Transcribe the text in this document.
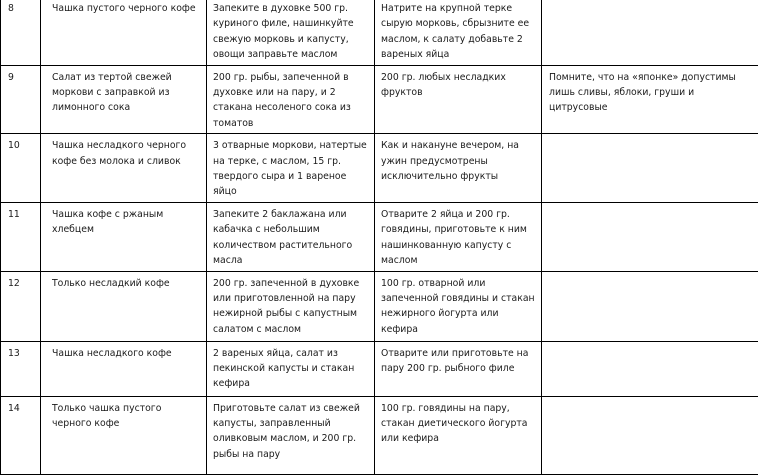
8	Чашка пустого черного кофе	Запеките в духовке 500 гр. куриного филе, нашинкуйте свежую морковь и капусту, овощи заправьте маслом	Натрите на крупной терке сырую морковь, сбрызните ее маслом, к салату добавьте 2 вареных яйца	
9	Салат из тертой свежей моркови с заправкой из лимонного сока	200 гр. рыбы, запеченной в духовке или на пару, и 2 стакана несоленого сока из томатов	200 гр. любых несладких фруктов	Помните, что на «японке» допустимы лишь сливы, яблоки, груши и цитрусовые
10	Чашка несладкого черного кофе без молока и сливок	3 отварные моркови, натертые на терке, с маслом, 15 гр. твердого сыра и 1 вареное яйцо	Как и накануне вечером, на ужин предусмотрены исключительно фрукты	
11	Чашка кофе с ржаным хлебцем	Запеките 2 баклажана или кабачка с небольшим количеством растительного масла	Отварите 2 яйца и 200 гр. говядины, приготовьте к ним нашинкованную капусту с маслом	
12	Только несладкий кофе	200 гр. запеченной в духовке или приготовленной на пару нежирной рыбы с капустным салатом с маслом	100 гр. отварной или запеченной говядины и стакан нежирного йогурта или кефира	
13	Чашка несладкого кофе	2 вареных яйца, салат из пекинской капусты и стакан кефира	Отварите или приготовьте на пару 200 гр. рыбного филе	
14	Только чашка пустого черного кофе	Приготовьте салат из свежей капусты, заправленный оливковым маслом, и 200 гр. рыбы на пару	100 гр. говядины на пару, стакан диетического йогурта или кефира	
